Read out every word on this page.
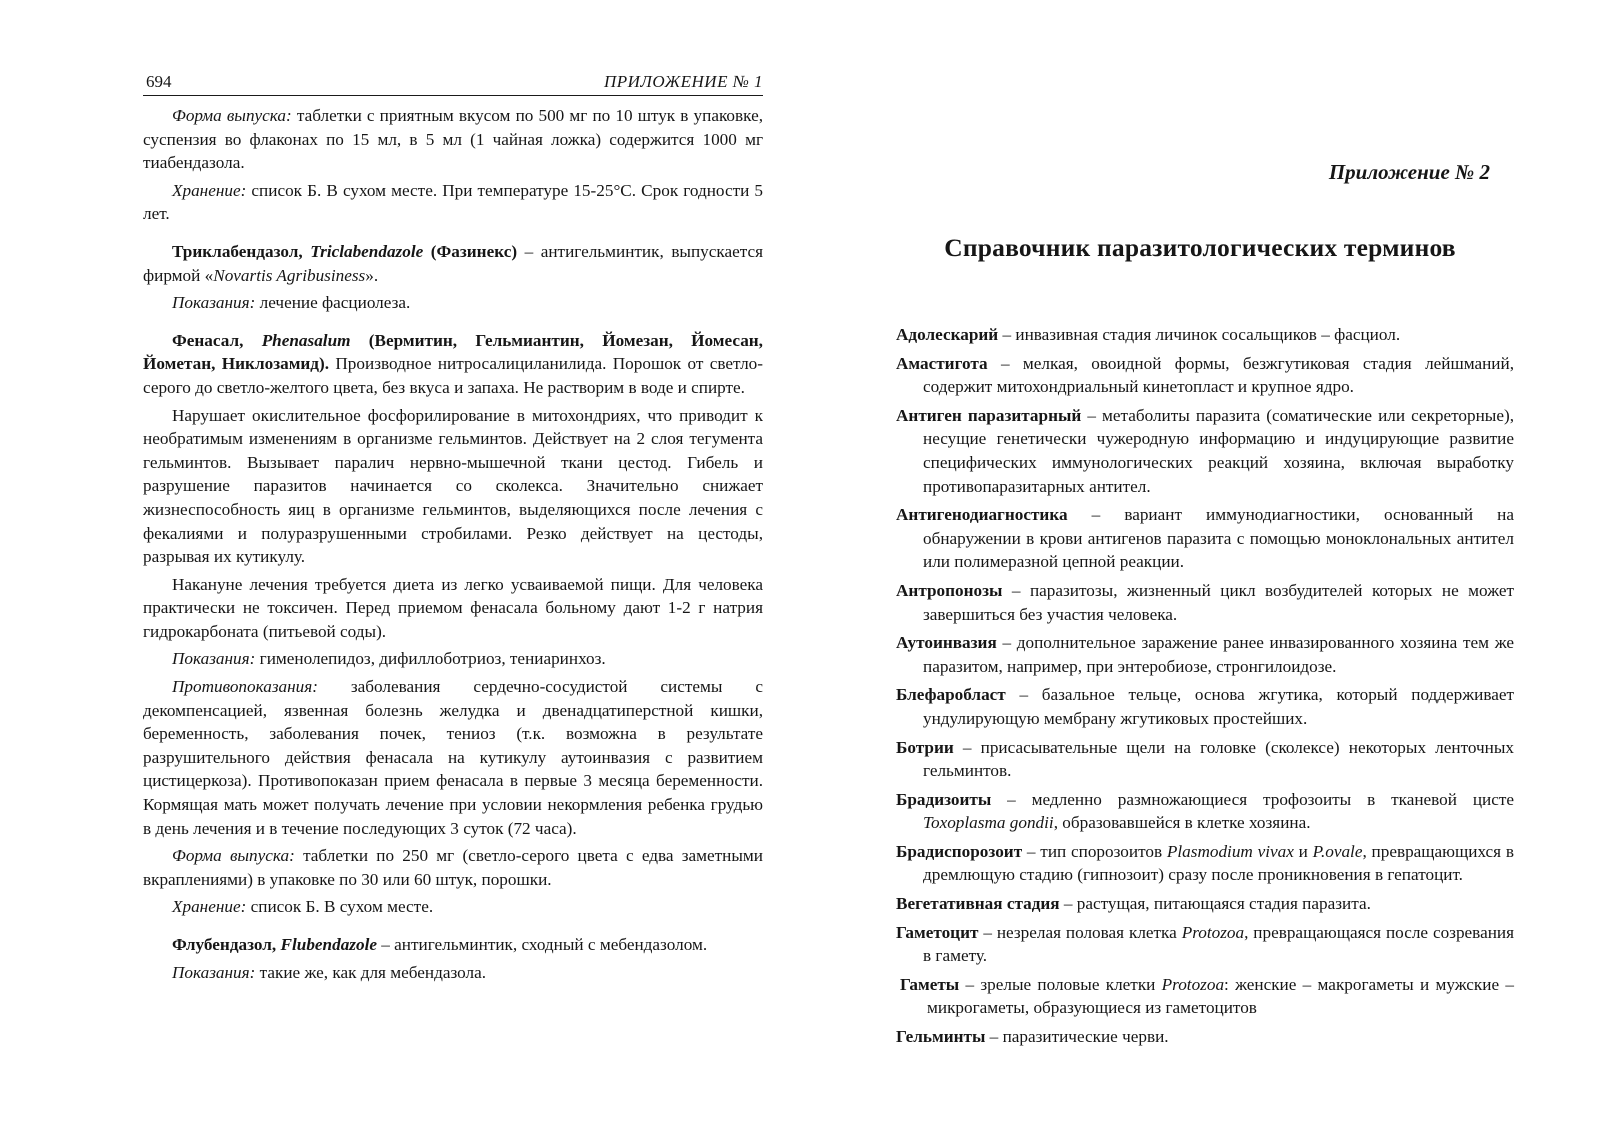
694	ПРИЛОЖЕНИЕ № 1

Форма выпуска: таблетки с приятным вкусом по 500 мг по 10 штук в упаковке, суспензия во флаконах по 15 мл, в 5 мл (1 чайная ложка) содержится 1000 мг тиабендазола.

Хранение: список Б. В сухом месте. При температуре 15-25°С. Срок годности 5 лет.

Триклабендазол, Triclabendazole (Фазинекс) – антигельминтик, выпускается фирмой «Novartis Agribusiness».

Показания: лечение фасциолеза.

Фенасал, Phenasalum (Вермитин, Гельмиантин, Йомезан, Йомесан, Йометан, Никлозамид). Производное нитросалициланилида. Порошок от светло-серого до светло-желтого цвета, без вкуса и запаха. Не растворим в воде и спирте.

Нарушает окислительное фосфорилирование в митохондриях, что приводит к необратимым изменениям в организме гельминтов. Действует на 2 слоя тегумента гельминтов. Вызывает паралич нервно-мышечной ткани цестод. Гибель и разрушение паразитов начинается со сколекса. Значительно снижает жизнеспособность яиц в организме гельминтов, выделяющихся после лечения с фекалиями и полуразрушенными стробилами. Резко действует на цестоды, разрывая их кутикулу.

Накануне лечения требуется диета из легко усваиваемой пищи. Для человека практически не токсичен. Перед приемом фенасала больному дают 1-2 г натрия гидрокарбоната (питьевой соды).

Показания: гименолепидоз, дифиллоботриоз, тениаринхоз.

Противопоказания: заболевания сердечно-сосудистой системы с декомпенсацией, язвенная болезнь желудка и двенадцатиперстной кишки, беременность, заболевания почек, тениоз (т.к. возможна в результате разрушительного действия фенасала на кутикулу аутоинвазия с развитием цистицеркоза). Противопоказан прием фенасала в первые 3 месяца беременности. Кормящая мать может получать лечение при условии некормления ребенка грудью в день лечения и в течение последующих 3 суток (72 часа).

Форма выпуска: таблетки по 250 мг (светло-серого цвета с едва заметными вкраплениями) в упаковке по 30 или 60 штук, порошки.

Хранение: список Б. В сухом месте.

Флубендазол, Flubendazole – антигельминтик, сходный с мебендазолом.

Показания: такие же, как для мебендазола.

Приложение № 2
Справочник паразитологических терминов
Адолескарий – инвазивная стадия личинок сосальщиков – фасциол.
Амастигота – мелкая, овоидной формы, безжгутиковая стадия лейшманий, содержит митохондриальный кинетопласт и крупное ядро.
Антиген паразитарный – метаболиты паразита (соматические или секреторные), несущие генетически чужеродную информацию и индуцирующие развитие специфических иммунологических реакций хозяина, включая выработку противопаразитарных антител.
Антигенодиагностика – вариант иммунодиагностики, основанный на обнаружении в крови антигенов паразита с помощью моноклональных антител или полимеразной цепной реакции.
Антропонозы – паразитозы, жизненный цикл возбудителей которых не может завершиться без участия человека.
Аутоинвазия – дополнительное заражение ранее инвазированного хозяина тем же паразитом, например, при энтеробиозе, стронгилоидозе.
Блефаробласт – базальное тельце, основа жгутика, который поддерживает ундулирующую мембрану жгутиковых простейших.
Ботрии – присасывательные щели на головке (сколексе) некоторых ленточных гельминтов.
Брадизоиты – медленно размножающиеся трофозоиты в тканевой цисте Toxoplasma gondii, образовавшейся в клетке хозяина.
Брадиспорозоит – тип спорозоитов Plasmodium vivax и P.ovale, превращающихся в дремлющую стадию (гипнозоит) сразу после проникновения в гепатоцит.
Вегетативная стадия – растущая, питающаяся стадия паразита.
Гаметоцит – незрелая половая клетка Protozoa, превращающаяся после созревания в гамету.
Гаметы – зрелые половые клетки Protozoa: женские – макрогаметы и мужские – микрогаметы, образующиеся из гаметоцитов
Гельминты – паразитические черви.
